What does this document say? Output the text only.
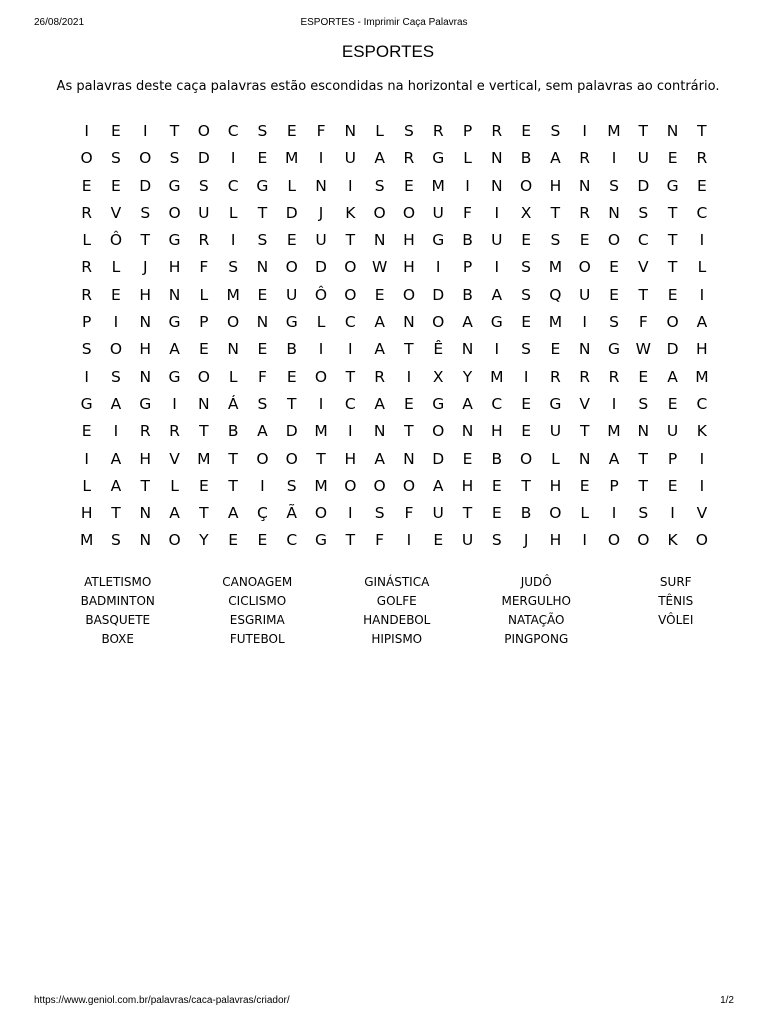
26/08/2021	ESPORTES - Imprimir Caça Palavras
ESPORTES
As palavras deste caça palavras estão escondidas na horizontal e vertical, sem palavras ao contrário.
I	E	I	T	O	C	S	E	F	N	L	S	R	P	R	E	S	I	M	T	N	T
O	S	O	S	D	I	E	M	I	U	A	R	G	L	N	B	A	R	I	U	E	R
E	E	D	G	S	C	G	L	N	I	S	E	M	I	N	O	H	N	S	D	G	E
R	V	S	O	U	L	T	D	J	K	O	O	U	F	I	X	T	R	N	S	T	C
L	Ô	T	G	R	I	S	E	U	T	N	H	G	B	U	E	S	E	O	C	T	I
R	L	J	H	F	S	N	O	D	O	W	H	I	P	I	S	M	O	E	V	T	L
R	E	H	N	L	M	E	U	Ô	O	E	O	D	B	A	S	Q	U	E	T	E	I
P	I	N	G	P	O	N	G	L	C	A	N	O	A	G	E	M	I	S	F	O	A
S	O	H	A	E	N	E	B	I	I	A	T	Ê	N	I	S	E	N	G	W	D	H
I	S	N	G	O	L	F	E	O	T	R	I	X	Y	M	I	R	R	R	E	A	M
G	A	G	I	N	Á	S	T	I	C	A	E	G	A	C	E	G	V	I	S	E	C
E	I	R	R	T	B	A	D	M	I	N	T	O	N	H	E	U	T	M	N	U	K
I	A	H	V	M	T	O	O	T	H	A	N	D	E	B	O	L	N	A	T	P	I
L	A	T	L	E	T	I	S	M	O	O	O	A	H	E	T	H	E	P	T	E	I
H	T	N	A	T	A	Ç	Ã	O	I	S	F	U	T	E	B	O	L	I	S	I	V
M	S	N	O	Y	E	E	C	G	T	F	I	E	U	S	J	H	I	O	O	K	O
ATLETISMO
BADMINTON
BASQUETE
BOXE
CANOAGEM
CICLISMO
ESGRIMA
FUTEBOL
GINÁSTICA
GOLFE
HANDEBOL
HIPISMO
JUDÔ
MERGULHO
NATAÇÃO
PINGPONG
SURF
TÊNIS
VÔLEI
https://www.geniol.com.br/palavras/caca-palavras/criador/	1/2
